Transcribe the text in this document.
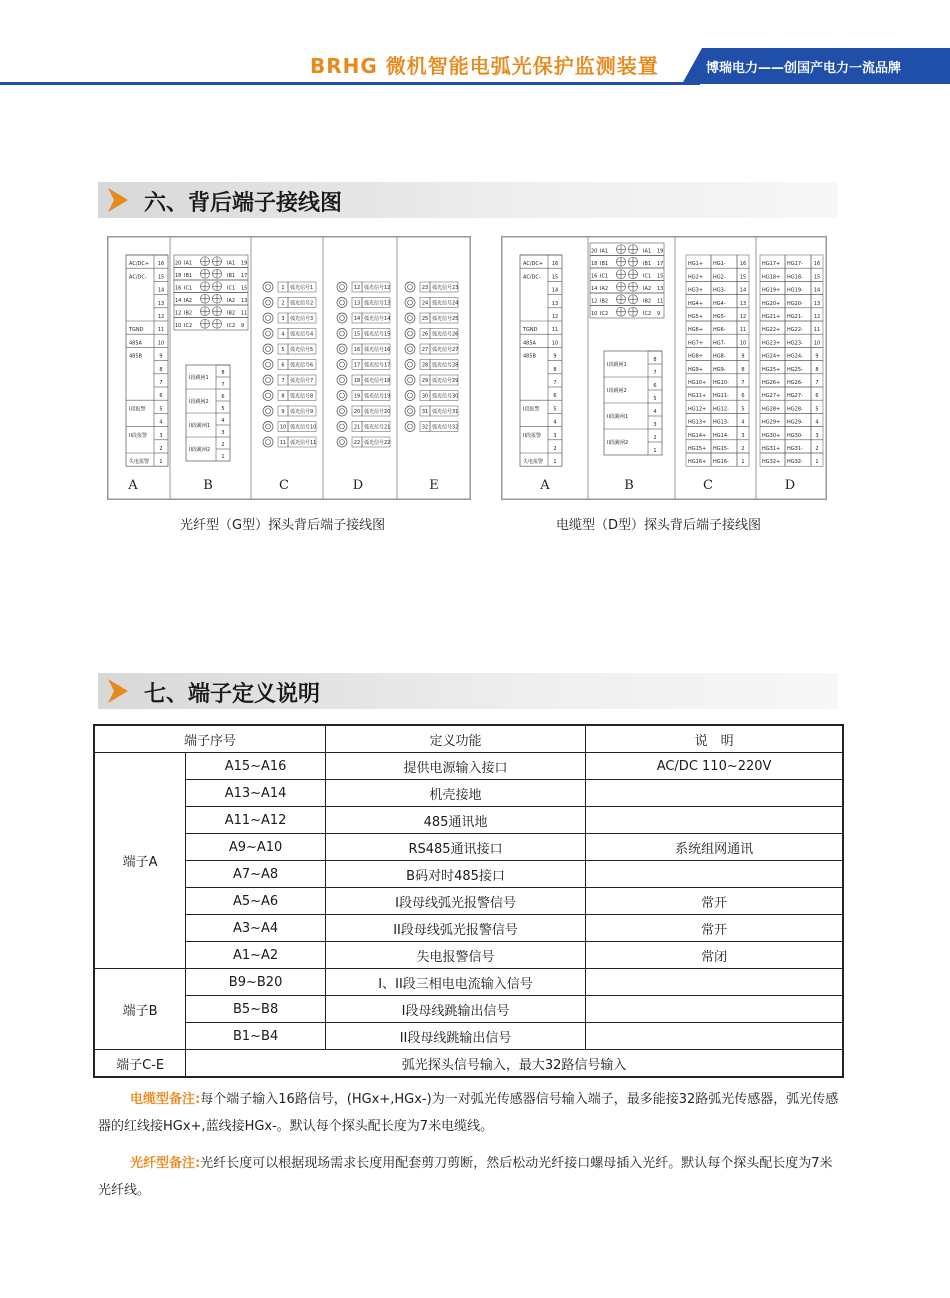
BRHG 微机智能电弧光保护监测装置	博瑞电力——创国产电力一流品牌
六、背后端子接线图
AC/DC+ 16
AC/DC- 15
14
13
12
TGND	11
485A	10
485B	9
8
7
6
I段报警	5
4
II段报警 3
2
失电报警 1
20 IA1	IA1 19
18 IB1	IB1 17
16 IC1	IC1 15
14 IA2	IA2 13
12 IB2	IB2 11
10 IC2	IC2 9
8
I段跳闸1
7
6
I段跳闸2
5
4
II段跳闸1
3
2
II段跳闸2
1
1 弧光信号1
2 弧光信号2
3 弧光信号3
4 弧光信号4
5 弧光信号5
6 弧光信号6
7 弧光信号7
8 弧光信号8
9 弧光信号9
10 弧光信号10
11 弧光信号11
12 弧光信号12
13 弧光信号13
14 弧光信号14
15 弧光信号15
16 弧光信号16
17 弧光信号17
18 弧光信号18
19 弧光信号19
20 弧光信号20
21 弧光信号21
22 弧光信号22
23 弧光信号23
24 弧光信号24
25 弧光信号25
26 弧光信号26
27 弧光信号27
28 弧光信号28
29 弧光信号29
30 弧光信号30
31 弧光信号31
32 弧光信号32
A	B	C	D	E
光纤型（G型）探头背后端子接线图
AC/DC+ 16
AC/DC- 15
14
13
12
TGND	11
485A	10
485B	9
8
7
6
I段报警	5
4
II段报警 3
2
失电报警 1
20 IA1	IA1 19
18 IB1	IB1 17
16 IC1	IC1 15
14 IA2	IA2 13
12 IB2	IB2 11
10 IC2	IC2 9
8
I段跳闸1
7
6
I段跳闸2
5
4
II段跳闸1
3
2
II段跳闸2
1
HG1+ HG1-	16
HG2+ HG2-	15
HG3+ HG3-	14
HG4+ HG4-	13
HG5+ HG5-	12
HG6+ HG6-	11
HG7+ HG7-	10
HG8+ HG8-	9
HG9+ HG9-	8
HG10+ HG10-	7
HG11+ HG11-	6
HG12+ HG12-	5
HG13+ HG13-	4
HG14+ HG14-	3
HG15+ HG15-	2
HG16+ HG16-	1
HG17+ HG17- 16
HG18+ HG18- 15
HG19+ HG19- 14
HG20+ HG20- 13
HG21+ HG21- 12
HG22+ HG22- 11
HG23+ HG23- 10
HG24+ HG24-	9
HG25+ HG25-	8
HG26+ HG26-	7
HG27+ HG27-	6
HG28+ HG28-	5
HG29+ HG29-	4
HG30+ HG30-	3
HG31+ HG31-	2
HG32+ HG32-	1
A	B	C	D
电缆型（D型）探头背后端子接线图
七、端子定义说明
端子序号		定义功能	说　明
端子A	A15~A16	提供电源输入接口	AC/DC 110~220V
	A13~A14	机壳接地	
	A11~A12	485通讯地	
	A9~A10	RS485通讯接口	系统组网通讯
	A7~A8	B码对时485接口	
	A5~A6	I段母线弧光报警信号	常开
	A3~A4	II段母线弧光报警信号	常开
	A1~A2	失电报警信号	常闭
端子B	B9~B20	I、II段三相电电流输入信号	
	B5~B8	I段母线跳输出信号	
	B1~B4	II段母线跳输出信号	
端子C-E	弧光探头信号输入，最大32路信号输入		
电缆型备注:每个端子输入16路信号，(HGx+,HGx-)为一对弧光传感器信号输入端子，最多能接32路弧光传感器，弧光传感器的红线接HGx+,蓝线接HGx-。默认每个探头配长度为7米电缆线。
光纤型备注:光纤长度可以根据现场需求长度用配套剪刀剪断，然后松动光纤接口螺母插入光纤。默认每个探头配长度为7米光纤线。
